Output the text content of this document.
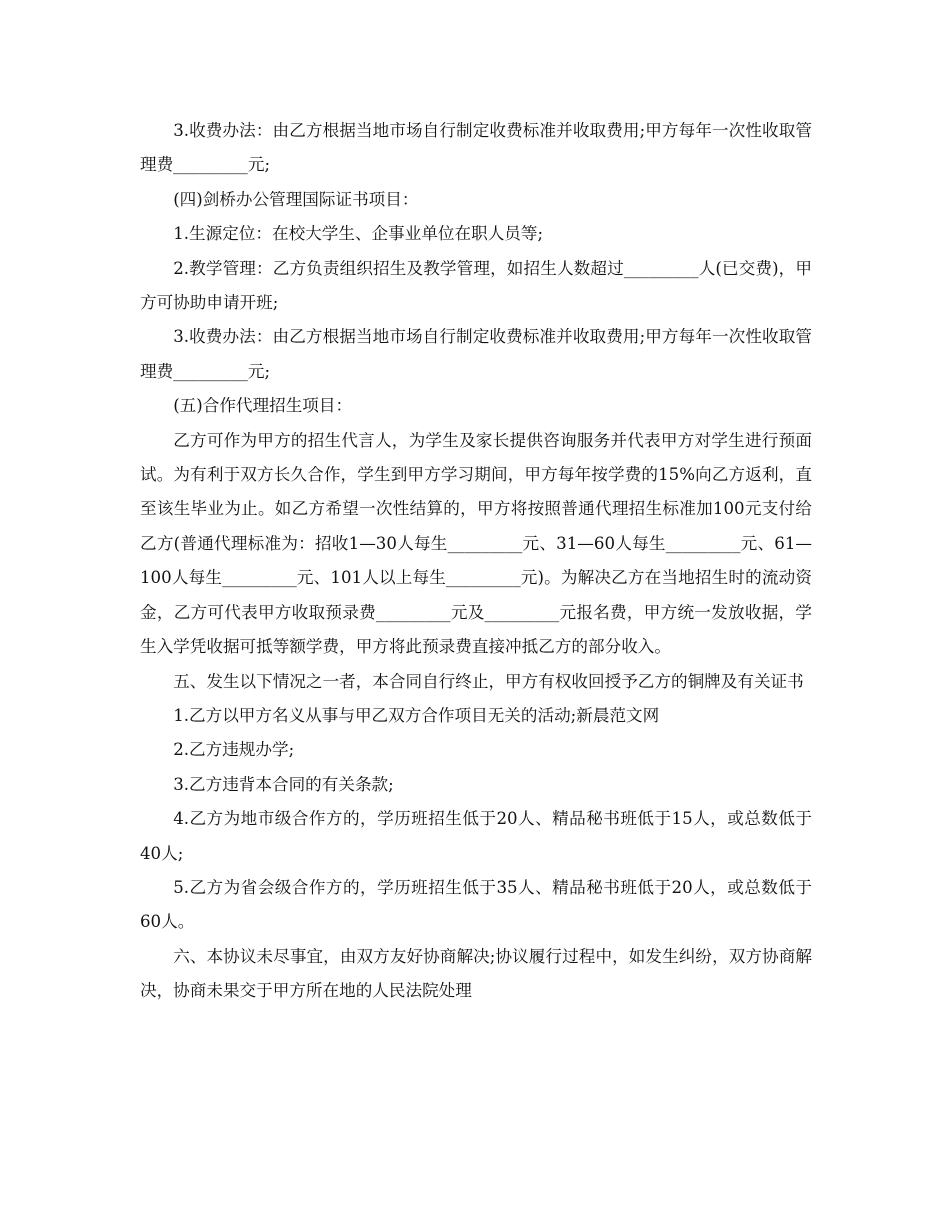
3.收费办法：由乙方根据当地市场自行制定收费标准并收取费用;甲方每年一次性收取管理费_________元;

(四)剑桥办公管理国际证书项目：

1.生源定位：在校大学生、企事业单位在职人员等;

2.教学管理：乙方负责组织招生及教学管理，如招生人数超过_________人(已交费)，甲方可协助申请开班;

3.收费办法：由乙方根据当地市场自行制定收费标准并收取费用;甲方每年一次性收取管理费_________元;

(五)合作代理招生项目：

乙方可作为甲方的招生代言人，为学生及家长提供咨询服务并代表甲方对学生进行预面试。为有利于双方长久合作，学生到甲方学习期间，甲方每年按学费的15%向乙方返利，直至该生毕业为止。如乙方希望一次性结算的，甲方将按照普通代理招生标准加100元支付给乙方(普通代理标准为：招收1—30人每生_________元、31—60人每生_________元、61—100人每生_________元、101人以上每生_________元)。为解决乙方在当地招生时的流动资金，乙方可代表甲方收取预录费_________元及_________元报名费，甲方统一发放收据，学生入学凭收据可抵等额学费，甲方将此预录费直接冲抵乙方的部分收入。

五、发生以下情况之一者，本合同自行终止，甲方有权收回授予乙方的铜牌及有关证书

1.乙方以甲方名义从事与甲乙双方合作项目无关的活动;新晨范文网

2.乙方违规办学;

3.乙方违背本合同的有关条款;

4.乙方为地市级合作方的，学历班招生低于20人、精品秘书班低于15人，或总数低于40人;

5.乙方为省会级合作方的，学历班招生低于35人、精品秘书班低于20人，或总数低于60人。

六、本协议未尽事宜，由双方友好协商解决;协议履行过程中，如发生纠纷，双方协商解决，协商未果交于甲方所在地的人民法院处理
